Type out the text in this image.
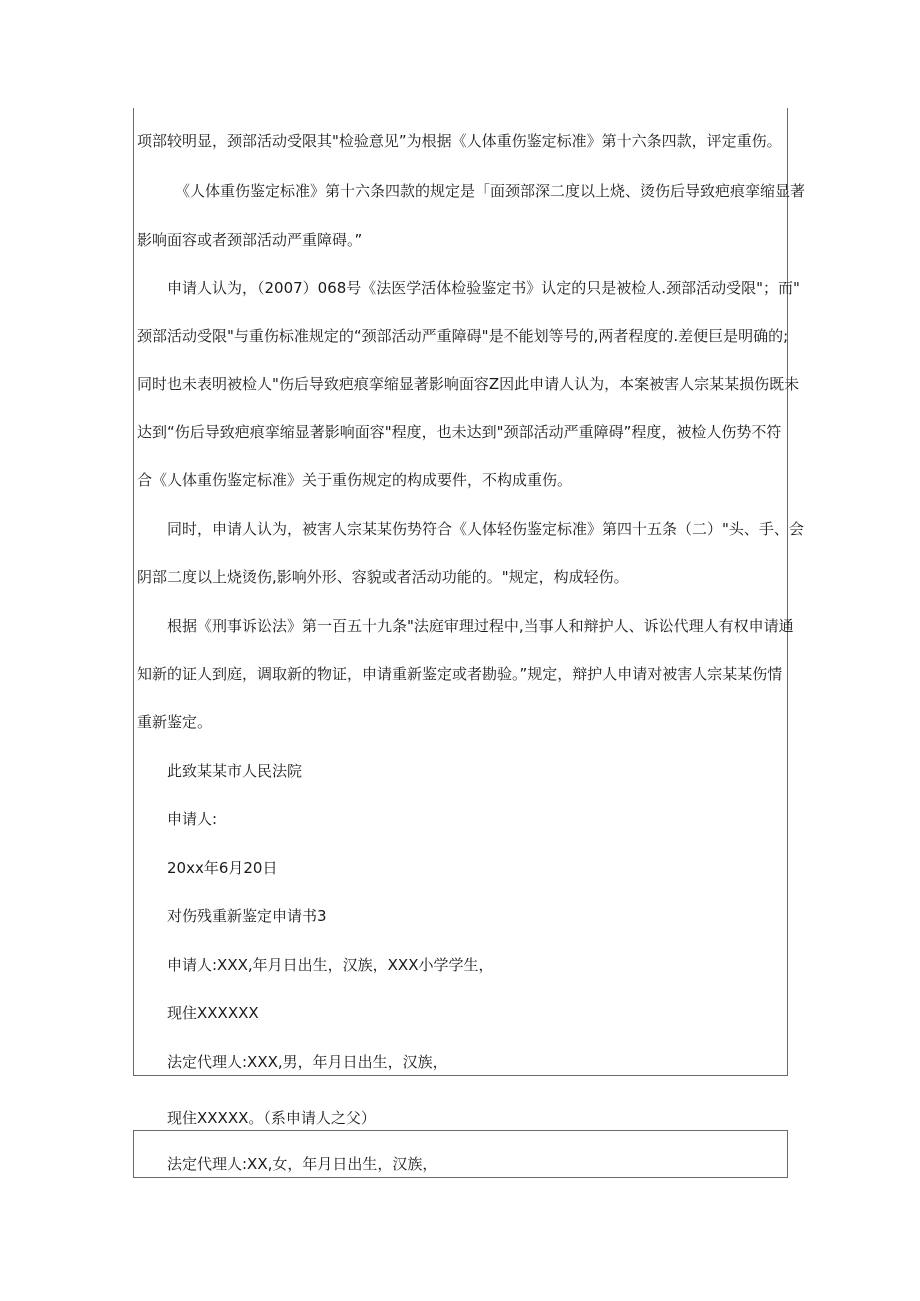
项部较明显，颈部活动受限其"检验意见”为根据《人体重伤鉴定标准》第十六条四款，评定重伤。
《人体重伤鉴定标准》第十六条四款的规定是「面颈部深二度以上烧、烫伤后导致疤痕挛缩显著
影响面容或者颈部活动严重障碍。”
申请人认为，（2007）068号《法医学活体检验鉴定书》认定的只是被检人.颈部活动受限"；而"
颈部活动受限"与重伤标准规定的“颈部活动严重障碍"是不能划等号的,两者程度的.差便巨是明确的;
同时也未表明被检人"伤后导致疤痕挛缩显著影响面容Z因此申请人认为，本案被害人宗某某损伤既未
达到“伤后导致疤痕挛缩显著影响面容"程度，也未达到"颈部活动严重障碍”程度，被检人伤势不符
合《人体重伤鉴定标准》关于重伤规定的构成要件，不构成重伤。
同时，申请人认为，被害人宗某某伤势符合《人体轻伤鉴定标准》第四十五条（二）"头、手、会
阴部二度以上烧烫伤,影响外形、容貌或者活动功能的。"规定，构成轻伤。
根据《刑事诉讼法》第一百五十九条"法庭审理过程中,当事人和辩护人、诉讼代理人有权申请通
知新的证人到庭，调取新的物证，申请重新鉴定或者勘验。”规定，辩护人申请对被害人宗某某伤情
重新鉴定。
此致某某市人民法院
申请人:
20xx年6月20日
对伤残重新鉴定申请书3
申请人:XXX,年月日出生，汉族，XXX小学学生，
现住XXXXXX
法定代理人:XXX,男，年月日出生，汉族，
现住XXXXX。（系申请人之父）
法定代理人:XX,女，年月日出生，汉族，
